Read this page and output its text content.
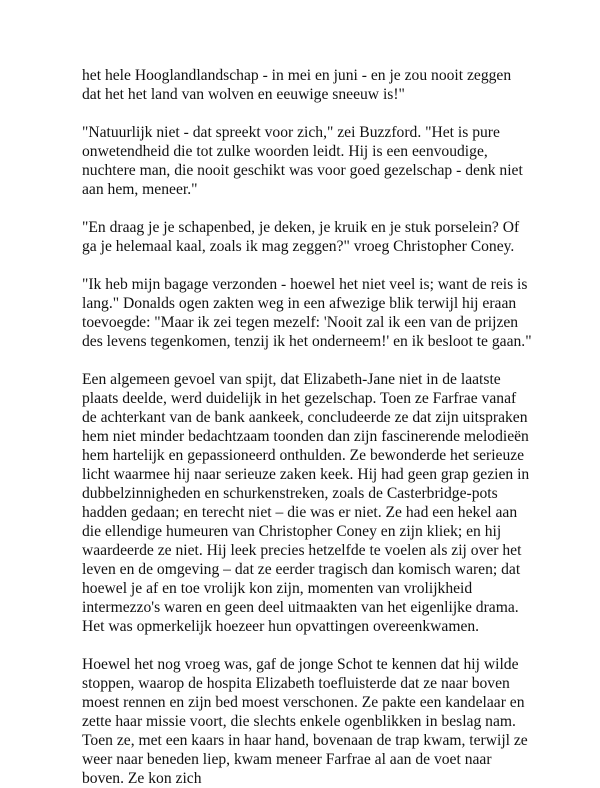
het hele Hooglandlandschap - in mei en juni - en je zou nooit zeggen dat het het land van wolven en eeuwige sneeuw is!"

"Natuurlijk niet - dat spreekt voor zich," zei Buzzford. "Het is pure onwetendheid die tot zulke woorden leidt. Hij is een eenvoudige, nuchtere man, die nooit geschikt was voor goed gezelschap - denk niet aan hem, meneer."

"En draag je je schapenbed, je deken, je kruik en je stuk porselein? Of ga je helemaal kaal, zoals ik mag zeggen?" vroeg Christopher Coney.

"Ik heb mijn bagage verzonden - hoewel het niet veel is; want de reis is lang." Donalds ogen zakten weg in een afwezige blik terwijl hij eraan toevoegde: "Maar ik zei tegen mezelf: 'Nooit zal ik een van de prijzen des levens tegenkomen, tenzij ik het onderneem!' en ik besloot te gaan."

Een algemeen gevoel van spijt, dat Elizabeth-Jane niet in de laatste plaats deelde, werd duidelijk in het gezelschap. Toen ze Farfrae vanaf de achterkant van de bank aankeek, concludeerde ze dat zijn uitspraken hem niet minder bedachtzaam toonden dan zijn fascinerende melodieën hem hartelijk en gepassioneerd onthulden. Ze bewonderde het serieuze licht waarmee hij naar serieuze zaken keek. Hij had geen grap gezien in dubbelzinnigheden en schurkenstreken, zoals de Casterbridge-pots hadden gedaan; en terecht niet – die was er niet. Ze had een hekel aan die ellendige humeuren van Christopher Coney en zijn kliek; en hij waardeerde ze niet. Hij leek precies hetzelfde te voelen als zij over het leven en de omgeving – dat ze eerder tragisch dan komisch waren; dat hoewel je af en toe vrolijk kon zijn, momenten van vrolijkheid intermezzo's waren en geen deel uitmaakten van het eigenlijke drama. Het was opmerkelijk hoezeer hun opvattingen overeenkwamen.

Hoewel het nog vroeg was, gaf de jonge Schot te kennen dat hij wilde stoppen, waarop de hospita Elizabeth toefluisterde dat ze naar boven moest rennen en zijn bed moest verschonen. Ze pakte een kandelaar en zette haar missie voort, die slechts enkele ogenblikken in beslag nam. Toen ze, met een kaars in haar hand, bovenaan de trap kwam, terwijl ze weer naar beneden liep, kwam meneer Farfrae al aan de voet naar boven. Ze kon zich
